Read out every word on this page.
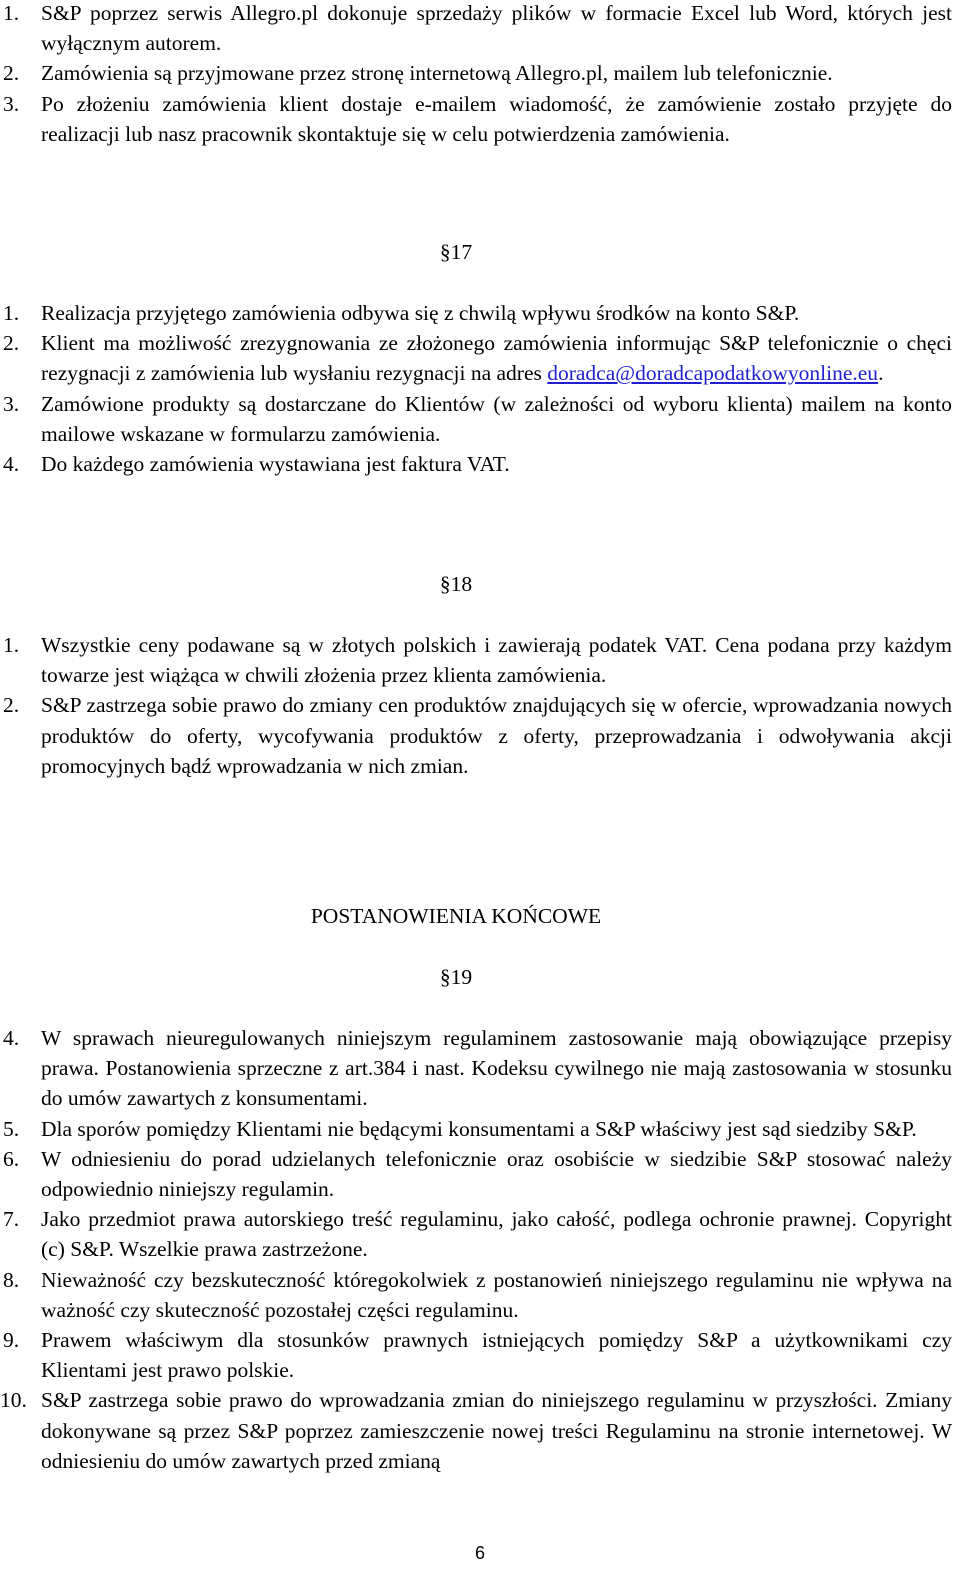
1. S&P poprzez serwis Allegro.pl dokonuje sprzedaży plików w formacie Excel lub Word, których jest wyłącznym autorem.
2. Zamówienia są przyjmowane przez stronę internetową Allegro.pl, mailem lub telefonicznie.
3. Po złożeniu zamówienia klient dostaje e-mailem wiadomość, że zamówienie zostało przyjęte do realizacji lub nasz pracownik skontaktuje się w celu potwierdzenia zamówienia.
§17
1. Realizacja przyjętego zamówienia odbywa się z chwilą wpływu środków na konto S&P.
2. Klient ma możliwość zrezygnowania ze złożonego zamówienia informując S&P telefonicznie o chęci rezygnacji z zamówienia lub wysłaniu rezygnacji na adres doradca@doradcapodatkowyonline.eu.
3. Zamówione produkty są dostarczane do Klientów (w zależności od wyboru klienta) mailem na konto mailowe wskazane w formularzu zamówienia.
4. Do każdego zamówienia wystawiana jest faktura VAT.
§18
1. Wszystkie ceny podawane są w złotych polskich i zawierają podatek VAT. Cena podana przy każdym towarze jest wiążąca w chwili złożenia przez klienta zamówienia.
2. S&P zastrzega sobie prawo do zmiany cen produktów znajdujących się w ofercie, wprowadzania nowych produktów do oferty, wycofywania produktów z oferty, przeprowadzania i odwoływania akcji promocyjnych bądź wprowadzania w nich zmian.
POSTANOWIENIA KOŃCOWE
§19
4. W sprawach nieuregulowanych niniejszym regulaminem zastosowanie mają obowiązujące przepisy prawa. Postanowienia sprzeczne z art.384 i nast. Kodeksu cywilnego nie mają zastosowania w stosunku do umów zawartych z konsumentami.
5. Dla sporów pomiędzy Klientami nie będącymi konsumentami a S&P właściwy jest sąd siedziby S&P.
6. W odniesieniu do porad udzielanych telefonicznie oraz osobiście w siedzibie S&P stosować należy odpowiednio niniejszy regulamin.
7. Jako przedmiot prawa autorskiego treść regulaminu, jako całość, podlega ochronie prawnej. Copyright (c) S&P. Wszelkie prawa zastrzeżone.
8. Nieważność czy bezskuteczność któregokolwiek z postanowień niniejszego regulaminu nie wpływa na ważność czy skuteczność pozostałej części regulaminu.
9. Prawem właściwym dla stosunków prawnych istniejących pomiędzy S&P a użytkownikami czy Klientami jest prawo polskie.
10. S&P zastrzega sobie prawo do wprowadzania zmian do niniejszego regulaminu w przyszłości. Zmiany dokonywane są przez S&P poprzez zamieszczenie nowej treści Regulaminu na stronie internetowej. W odniesieniu do umów zawartych przed zmianą
6
